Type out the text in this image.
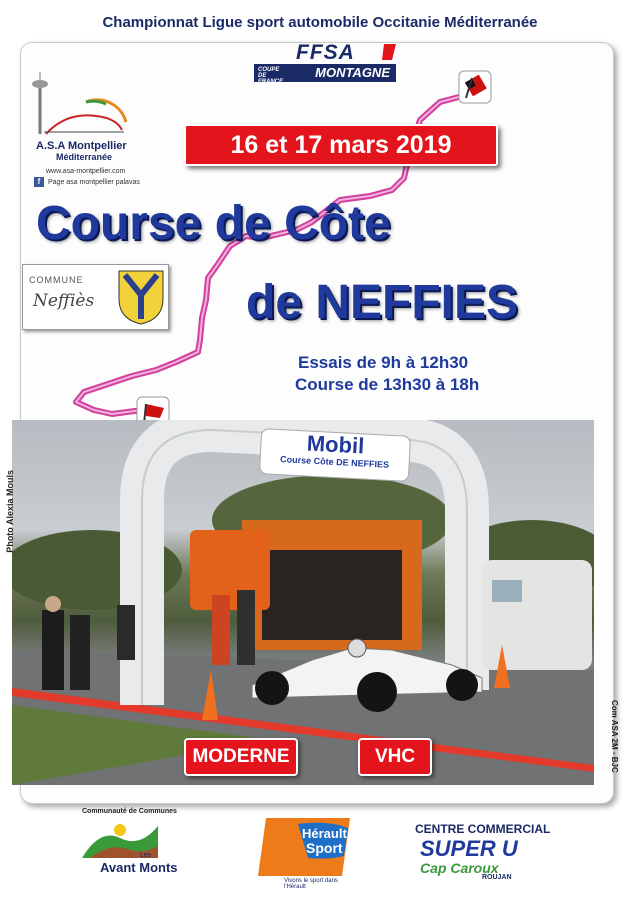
Championnat Ligue sport automobile Occitanie Méditerranée
FFSA
COUPE DE FRANCE
MONTAGNE
A.S.A Montpellier
Méditerranée
www.asa-montpellier.com
f Page asa montpellier palavas
16 et 17 mars 2019
Course de Côte
de NEFFIES
COMMUNE
Neffiès
Essais de 9h à 12h30
Course de 13h30 à 18h
Mobil
Course Côte DE NEFFIES
Photo Alexia Mouls
MODERNE	VHC	Com ASA 2M - BJC
Communauté de Communes
Les
Avant Monts
Hérault
Sport
Vivons le sport dans l'Hérault
CENTRE COMMERCIAL
SUPER U
Cap Caroux
ROUJAN
